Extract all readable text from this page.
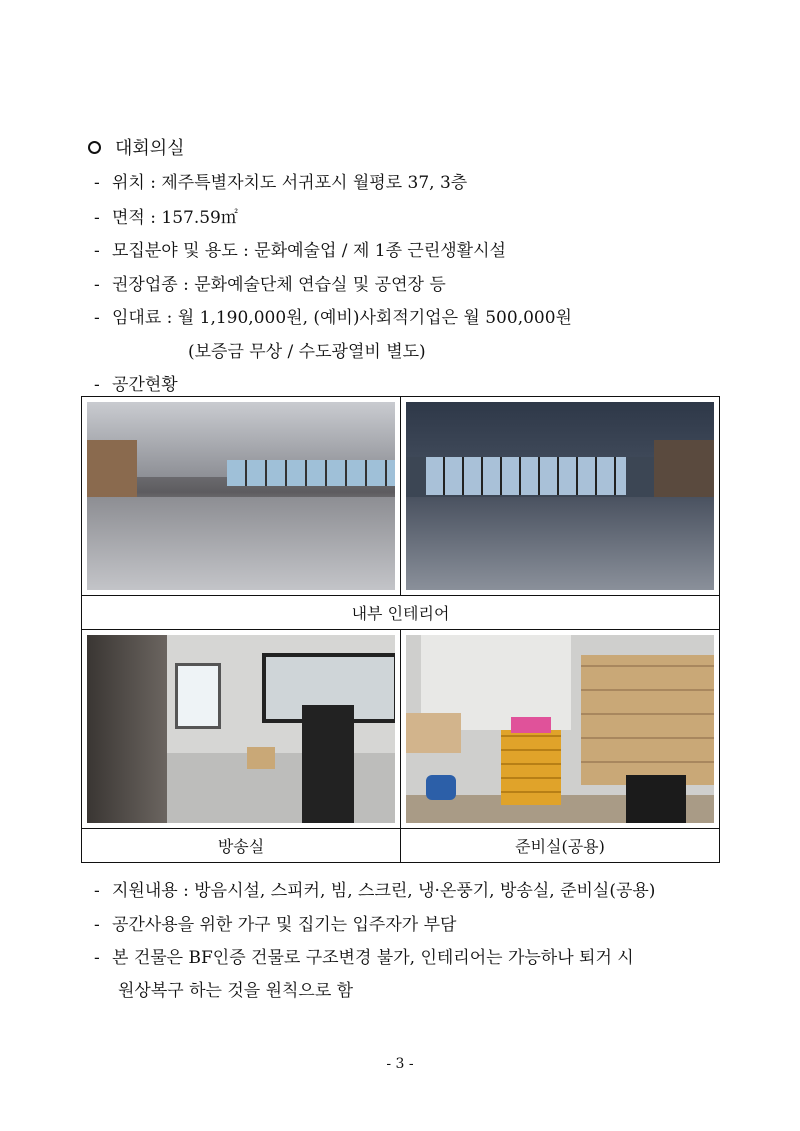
대회의실
- 위치 : 제주특별자치도 서귀포시 월평로 37, 3층
- 면적 : 157.59㎡
- 모집분야 및 용도 : 문화예술업 / 제 1종 근린생활시설
- 권장업종 : 문화예술단체 연습실 및 공연장 등
- 임대료 : 월 1,190,000원, (예비)사회적기업은 월 500,000원
(보증금 무상 / 수도광열비 별도)
- 공간현황

내부 인테리어	

방송실	준비실(공용)
- 지원내용 : 방음시설, 스피커, 빔, 스크린, 냉·온풍기, 방송실, 준비실(공용)
- 공간사용을 위한 가구 및 집기는 입주자가 부담
- 본 건물은 BF인증 건물로 구조변경 불가, 인테리어는 가능하나 퇴거 시
원상복구 하는 것을 원칙으로 함
- 3 -
